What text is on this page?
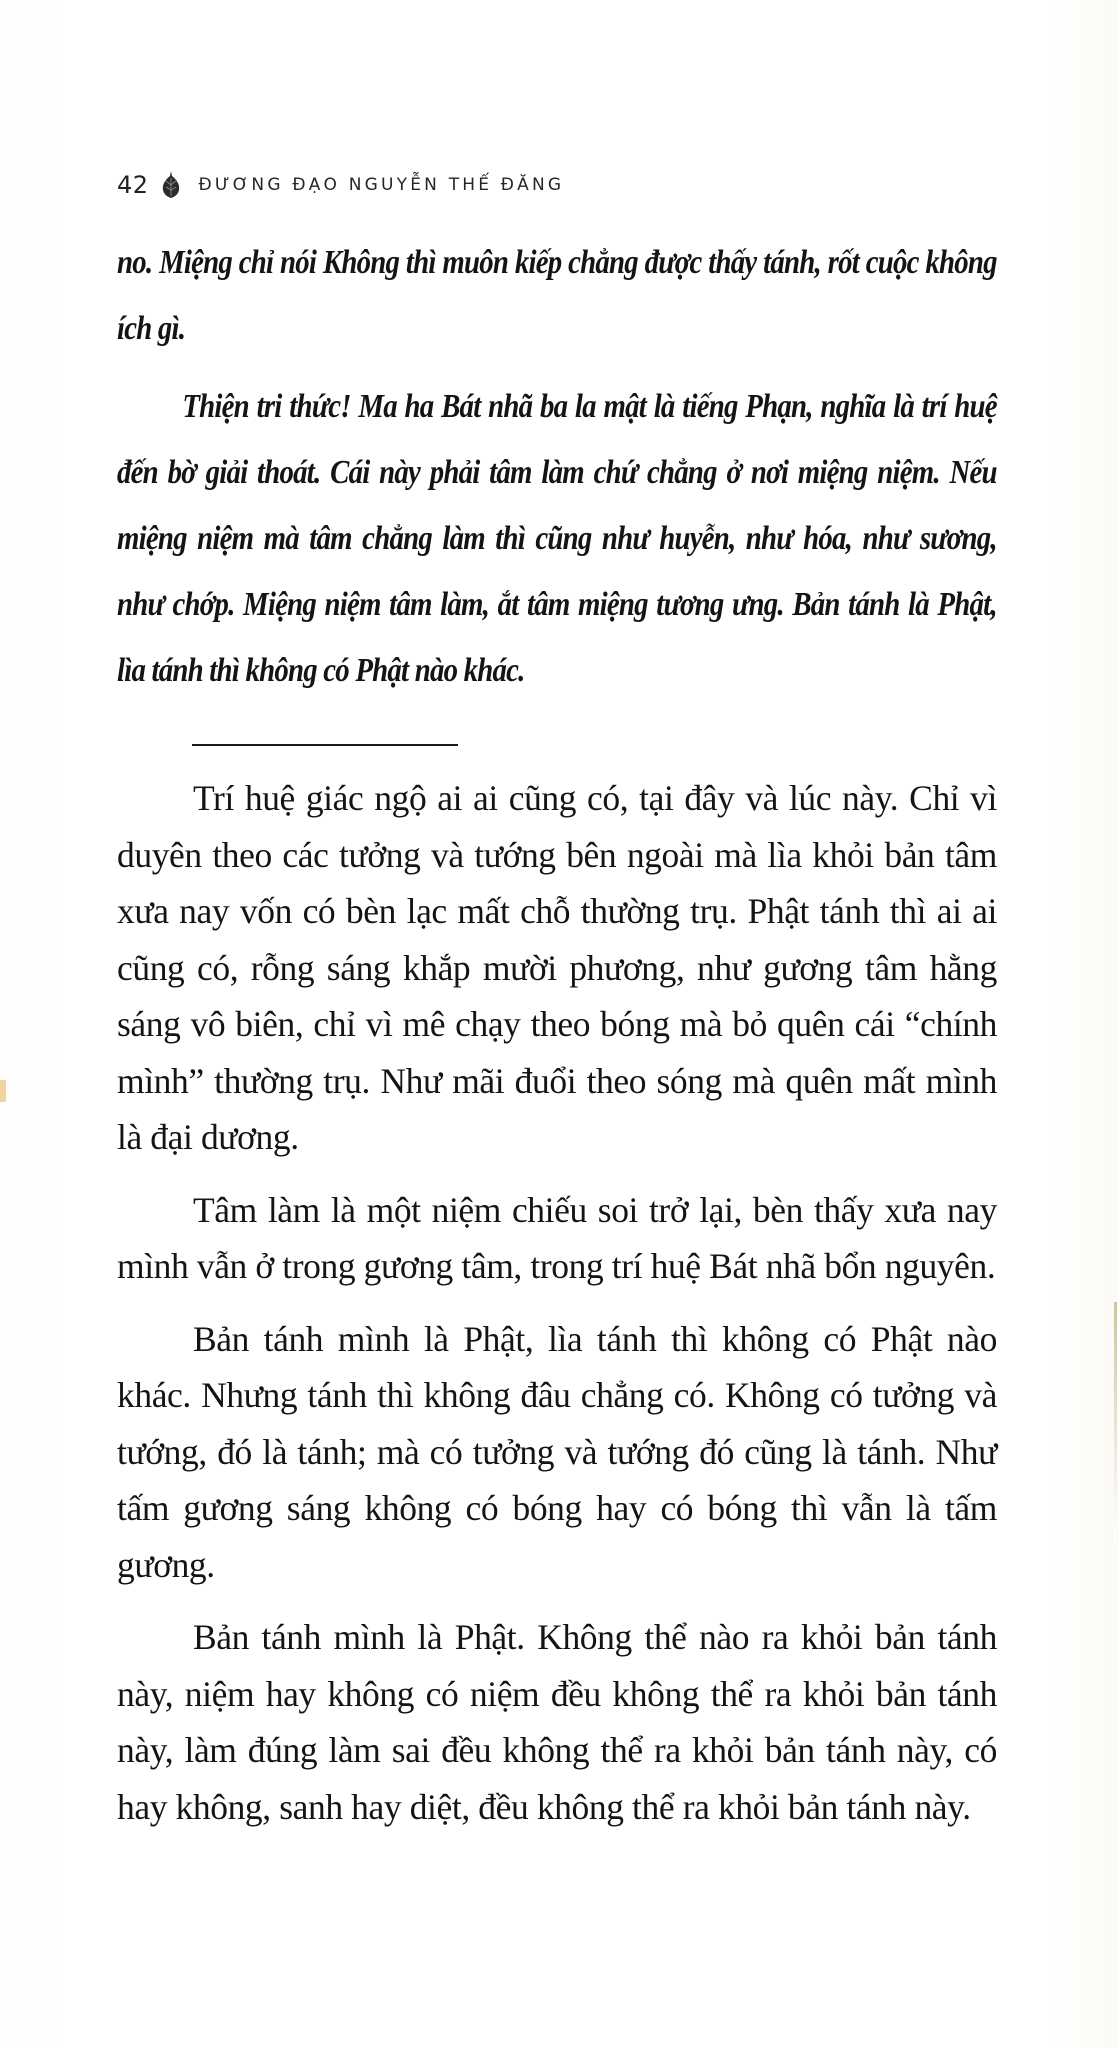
42	ĐƯƠNG ĐẠO NGUYỄN THẾ ĐĂNG

no. Miệng chỉ nói Không thì muôn kiếp chẳng được thấy tánh, rốt cuộc không ích gì.

Thiện tri thức! Ma ha Bát nhã ba la mật là tiếng Phạn, nghĩa là trí huệ đến bờ giải thoát. Cái này phải tâm làm chứ chẳng ở nơi miệng niệm. Nếu miệng niệm mà tâm chẳng làm thì cũng như huyễn, như hóa, như sương, như chớp. Miệng niệm tâm làm, ắt tâm miệng tương ưng. Bản tánh là Phật, lìa tánh thì không có Phật nào khác.

Trí huệ giác ngộ ai ai cũng có, tại đây và lúc này. Chỉ vì duyên theo các tưởng và tướng bên ngoài mà lìa khỏi bản tâm xưa nay vốn có bèn lạc mất chỗ thường trụ. Phật tánh thì ai ai cũng có, rỗng sáng khắp mười phương, như gương tâm hằng sáng vô biên, chỉ vì mê chạy theo bóng mà bỏ quên cái “chính mình” thường trụ. Như mãi đuổi theo sóng mà quên mất mình là đại dương.

Tâm làm là một niệm chiếu soi trở lại, bèn thấy xưa nay mình vẫn ở trong gương tâm, trong trí huệ Bát nhã bổn nguyên.

Bản tánh mình là Phật, lìa tánh thì không có Phật nào khác. Nhưng tánh thì không đâu chẳng có. Không có tưởng và tướng, đó là tánh; mà có tưởng và tướng đó cũng là tánh. Như tấm gương sáng không có bóng hay có bóng thì vẫn là tấm gương.

Bản tánh mình là Phật. Không thể nào ra khỏi bản tánh này, niệm hay không có niệm đều không thể ra khỏi bản tánh này, làm đúng làm sai đều không thể ra khỏi bản tánh này, có hay không, sanh hay diệt, đều không thể ra khỏi bản tánh này.
